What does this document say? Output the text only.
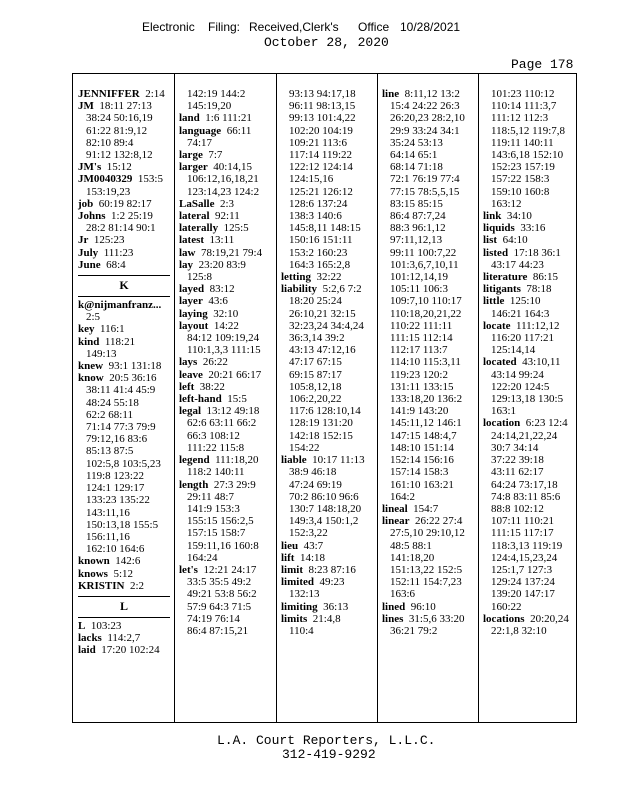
Electronic Filing: Received,Clerk's Office 10/28/2021
October 28, 2020
Page 178
JENNIFFER 2:14
JM 18:11 27:13
38:24 50:16,19
61:22 81:9,12
82:10 89:4
91:12 132:8,12
JM's 15:12
JM0040329 153:5
153:19,23
job 60:19 82:17
Johns 1:2 25:19
28:2 81:14 90:1
Jr 125:23
July 111:23
June 68:4
K
k@nijmanfranz...
2:5
key 116:1
kind 118:21
149:13
knew 93:1 131:18
know 20:5 36:16
38:11 41:4 45:9
48:24 55:18
62:2 68:11
71:14 77:3 79:9
79:12,16 83:6
85:13 87:5
102:5,8 103:5,23
119:8 123:22
124:1 129:17
133:23 135:22
143:11,16
150:13,18 155:5
156:11,16
162:10 164:6
known 142:6
knows 5:12
KRISTIN 2:2
L
L 103:23
lacks 114:2,7
laid 17:20 102:24
142:19 144:2
145:19,20
land 1:6 111:21
language 66:11
74:17
large 7:7
larger 40:14,15
106:12,16,18,21
123:14,23 124:2
LaSalle 2:3
lateral 92:11
laterally 125:5
latest 13:11
law 78:19,21 79:4
lay 23:20 83:9
125:8
layed 83:12
layer 43:6
laying 32:10
layout 14:22
84:12 109:19,24
110:1,3,3 111:15
lays 26:22
leave 20:21 66:17
left 38:22
left-hand 15:5
legal 13:12 49:18
62:6 63:11 66:2
66:3 108:12
111:22 115:8
legend 111:18,20
118:2 140:11
length 27:3 29:9
29:11 48:7
141:9 153:3
155:15 156:2,5
157:15 158:7
159:11,16 160:8
164:24
let's 12:21 24:17
33:5 35:5 49:2
49:21 53:8 56:2
57:9 64:3 71:5
74:19 76:14
86:4 87:15,21
93:13 94:17,18
96:11 98:13,15
99:13 101:4,22
102:20 104:19
109:21 113:6
117:14 119:22
122:12 124:14
124:15,16
125:21 126:12
128:6 137:24
138:3 140:6
145:8,11 148:15
150:16 151:11
153:2 160:23
164:3 165:2,8
letting 32:22
liability 5:2,6 7:2
18:20 25:24
26:10,21 32:15
32:23,24 34:4,24
36:3,14 39:2
43:13 47:12,16
47:17 67:15
69:15 87:17
105:8,12,18
106:2,20,22
117:6 128:10,14
128:19 131:20
142:18 152:15
154:22
liable 10:17 11:13
38:9 46:18
47:24 69:19
70:2 86:10 96:6
130:7 148:18,20
149:3,4 150:1,2
152:3,22
lieu 43:7
lift 14:18
limit 8:23 87:16
limited 49:23
132:13
limiting 36:13
limits 21:4,8
110:4
line 8:11,12 13:2
15:4 24:22 26:3
26:20,23 28:2,10
29:9 33:24 34:1
35:24 53:13
64:14 65:1
68:14 71:18
72:1 76:19 77:4
77:15 78:5,5,15
83:15 85:15
86:4 87:7,24
88:3 96:1,12
97:11,12,13
99:11 100:7,22
101:3,6,7,10,11
101:12,14,19
105:11 106:3
109:7,10 110:17
110:18,20,21,22
110:22 111:11
111:15 112:14
112:17 113:7
114:10 115:3,11
119:23 120:2
131:11 133:15
133:18,20 136:2
141:9 143:20
145:11,12 146:1
147:15 148:4,7
148:10 151:14
152:14 156:16
157:14 158:3
161:10 163:21
164:2
lineal 154:7
linear 26:22 27:4
27:5,10 29:10,12
48:5 88:1
141:18,20
151:13,22 152:5
152:11 154:7,23
163:6
lined 96:10
lines 31:5,6 33:20
36:21 79:2
101:23 110:12
110:14 111:3,7
111:12 112:3
118:5,12 119:7,8
119:11 140:11
143:6,18 152:10
152:23 157:19
157:22 158:3
159:10 160:8
163:12
link 34:10
liquids 33:16
list 64:10
listed 17:18 36:1
43:17 44:23
literature 86:15
litigants 78:18
little 125:10
146:21 164:3
locate 111:12,12
116:20 117:21
125:14,14
located 43:10,11
43:14 99:24
122:20 124:5
129:13,18 130:5
163:1
location 6:23 12:4
24:14,21,22,24
30:7 34:14
37:22 39:18
43:11 62:17
64:24 73:17,18
74:8 83:11 85:6
88:8 102:12
107:11 110:21
111:15 117:17
118:3,13 119:19
124:4,15,23,24
125:1,7 127:3
129:24 137:24
139:20 147:17
160:22
locations 20:20,24
22:1,8 32:10
L.A. Court Reporters, L.L.C.
312-419-9292
